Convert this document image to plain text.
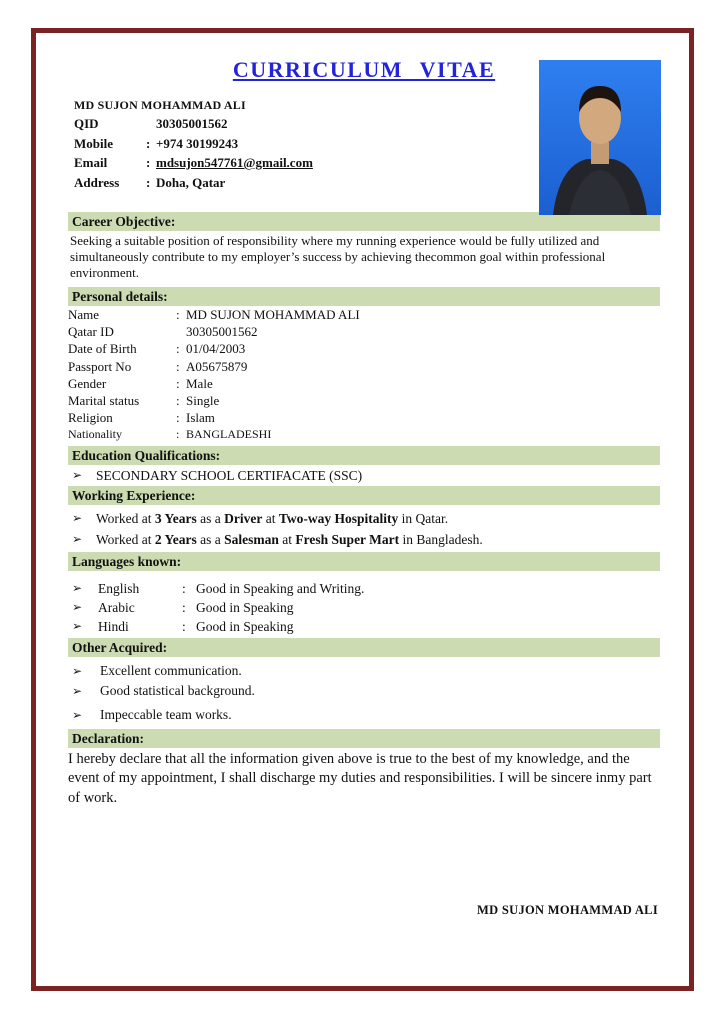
CURRICULUM VITAE
MD SUJON MOHAMMAD ALI
QID	30305001562
Mobile	: +974 30199243
Email	: mdsujon547761@gmail.com
Address	: Doha, Qatar
Career Objective:
Seeking a suitable position of responsibility where my running experience would be fully utilized and simultaneously contribute to my employer’s success by achieving thecommon goal within professional environment.
Personal details:
Name	: MD SUJON MOHAMMAD ALI
Qatar ID	30305001562
Date of Birth	: 01/04/2003
Passport No	: A05675879
Gender	: Male
Marital status	: Single
Religion	: Islam
Nationality	: BANGLADESHI
Education Qualifications:
➢	SECONDARY SCHOOL CERTIFACATE (SSC)
Working Experience:
➢	Worked at 3 Years as a Driver at Two-way Hospitality in Qatar.
➢	Worked at 2 Years as a Salesman at Fresh Super Mart in Bangladesh.
Languages known:
➢	English	: Good in Speaking and Writing.
➢	Arabic	: Good in Speaking
➢	Hindi	: Good in Speaking
Other Acquired:
➢	Excellent communication.
➢	Good statistical background.
➢	Impeccable team works.
Declaration:
I hereby declare that all the information given above is true to the best of my knowledge, and the event of my appointment, I shall discharge my duties and responsibilities. I will be sincere inmy part of work.
MD SUJON MOHAMMAD ALI
